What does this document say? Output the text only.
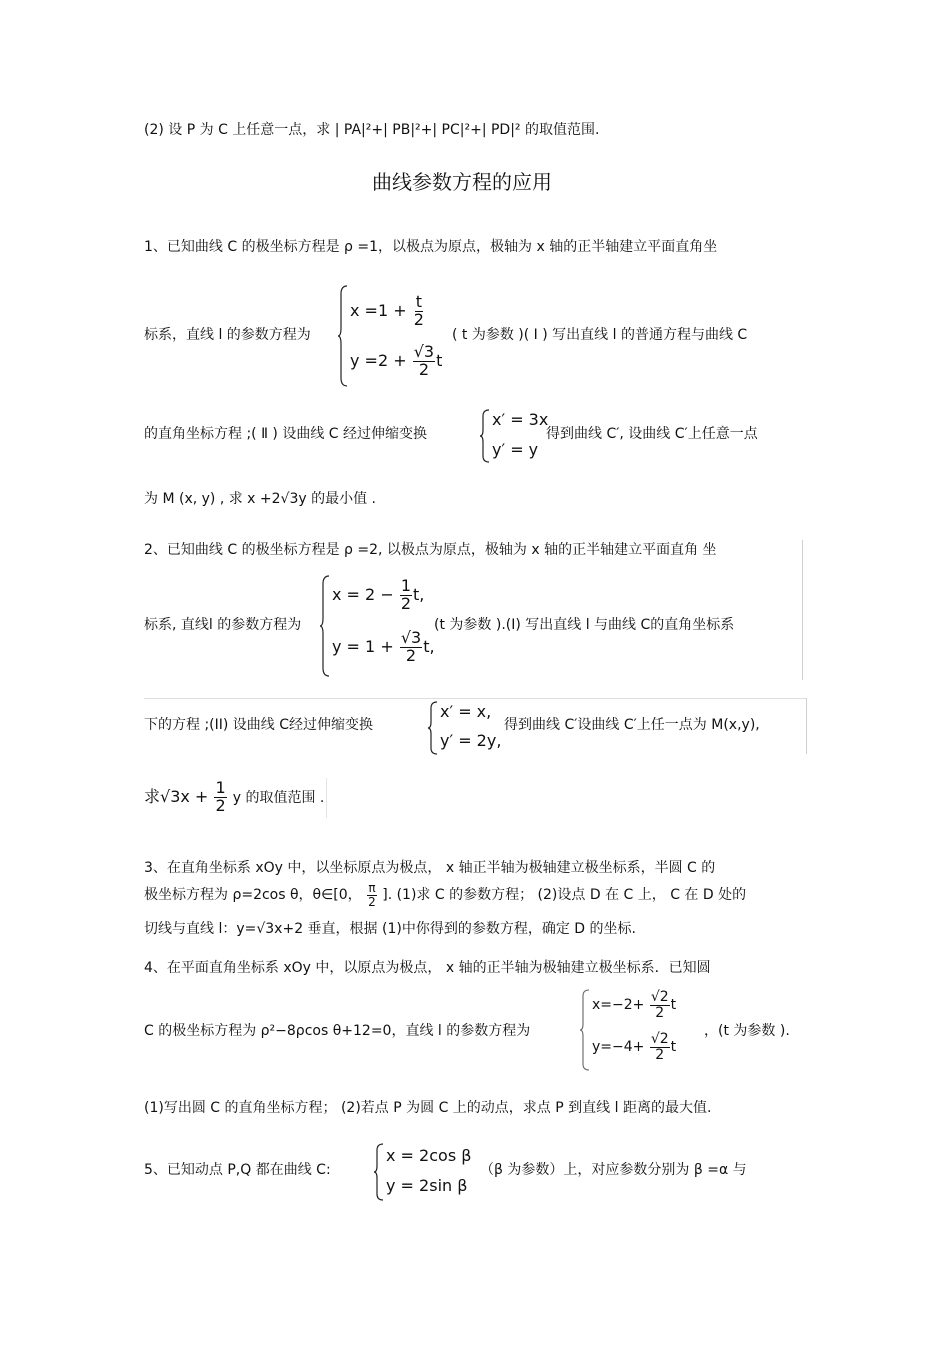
(2) 设 P 为 C 上任意一点，求 | PA|²+| PB|²+| PC|²+| PD|² 的取值范围.
曲线参数方程的应用
1、已知曲线 C 的极坐标方程是 ρ =1，以极点为原点，极轴为 x 轴的正半轴建立平面直角坐
标系，直线 l 的参数方程为
$x =1 + \frac{t}{2}$
$y =2 + \frac{√3}{2}$ t
( t 为参数 )( Ⅰ ) 写出直线 l 的普通方程与曲线 C
的直角坐标方程 ;( Ⅱ ) 设曲线 C 经过伸缩变换
x′ = 3x
y′ = y
得到曲线 C′, 设曲线 C′上任意一点
为 M (x, y) , 求 x +2√3y 的最小值 .
2、已知曲线 C 的极坐标方程是 ρ =2, 以极点为原点，极轴为 x 轴的正半轴建立平面直角 坐
标系, 直线l 的参数方程为
$x = 2 - \frac{1}{2} t$,
$y = 1 + \frac{√3}{2} t$,
(t 为参数 ).(I) 写出直线 l 与曲线 C的直角坐标系
下的方程 ;(II) 设曲线 C经过伸缩变换
x′ = x,
y′ = 2y,
得到曲线 C′设曲线 C′上任一点为 M(x,y),
求$√3x + \frac{1}{2}$ y 的取值范围 .
3、在直角坐标系 xOy 中，以坐标原点为极点， x 轴正半轴为极轴建立极坐标系，半圆 C 的
极坐标方程为 ρ=2cos θ，θ∈[0， $\frac{\pi}{2}$ ]. (1)求 C 的参数方程； (2)设点 D 在 C 上， C 在 D 处的
切线与直线 l：y=√3x+2 垂直，根据 (1)中你得到的参数方程，确定 D 的坐标.
4、在平面直角坐标系 xOy 中，以原点为极点， x 轴的正半轴为极轴建立极坐标系．已知圆
C 的极坐标方程为 ρ²−8ρcos θ+12=0，直线 l 的参数方程为
$x=-2+ \frac{√2}{2}$ t
$y=-4+ \frac{√2}{2}$ t
，(t 为参数 ).
(1)写出圆 C 的直角坐标方程； (2)若点 P 为圆 C 上的动点，求点 P 到直线 l 距离的最大值.
5、已知动点 P,Q 都在曲线 C:
x = 2cos β
y = 2sin β
（β 为参数）上，对应参数分别为 β =α 与
